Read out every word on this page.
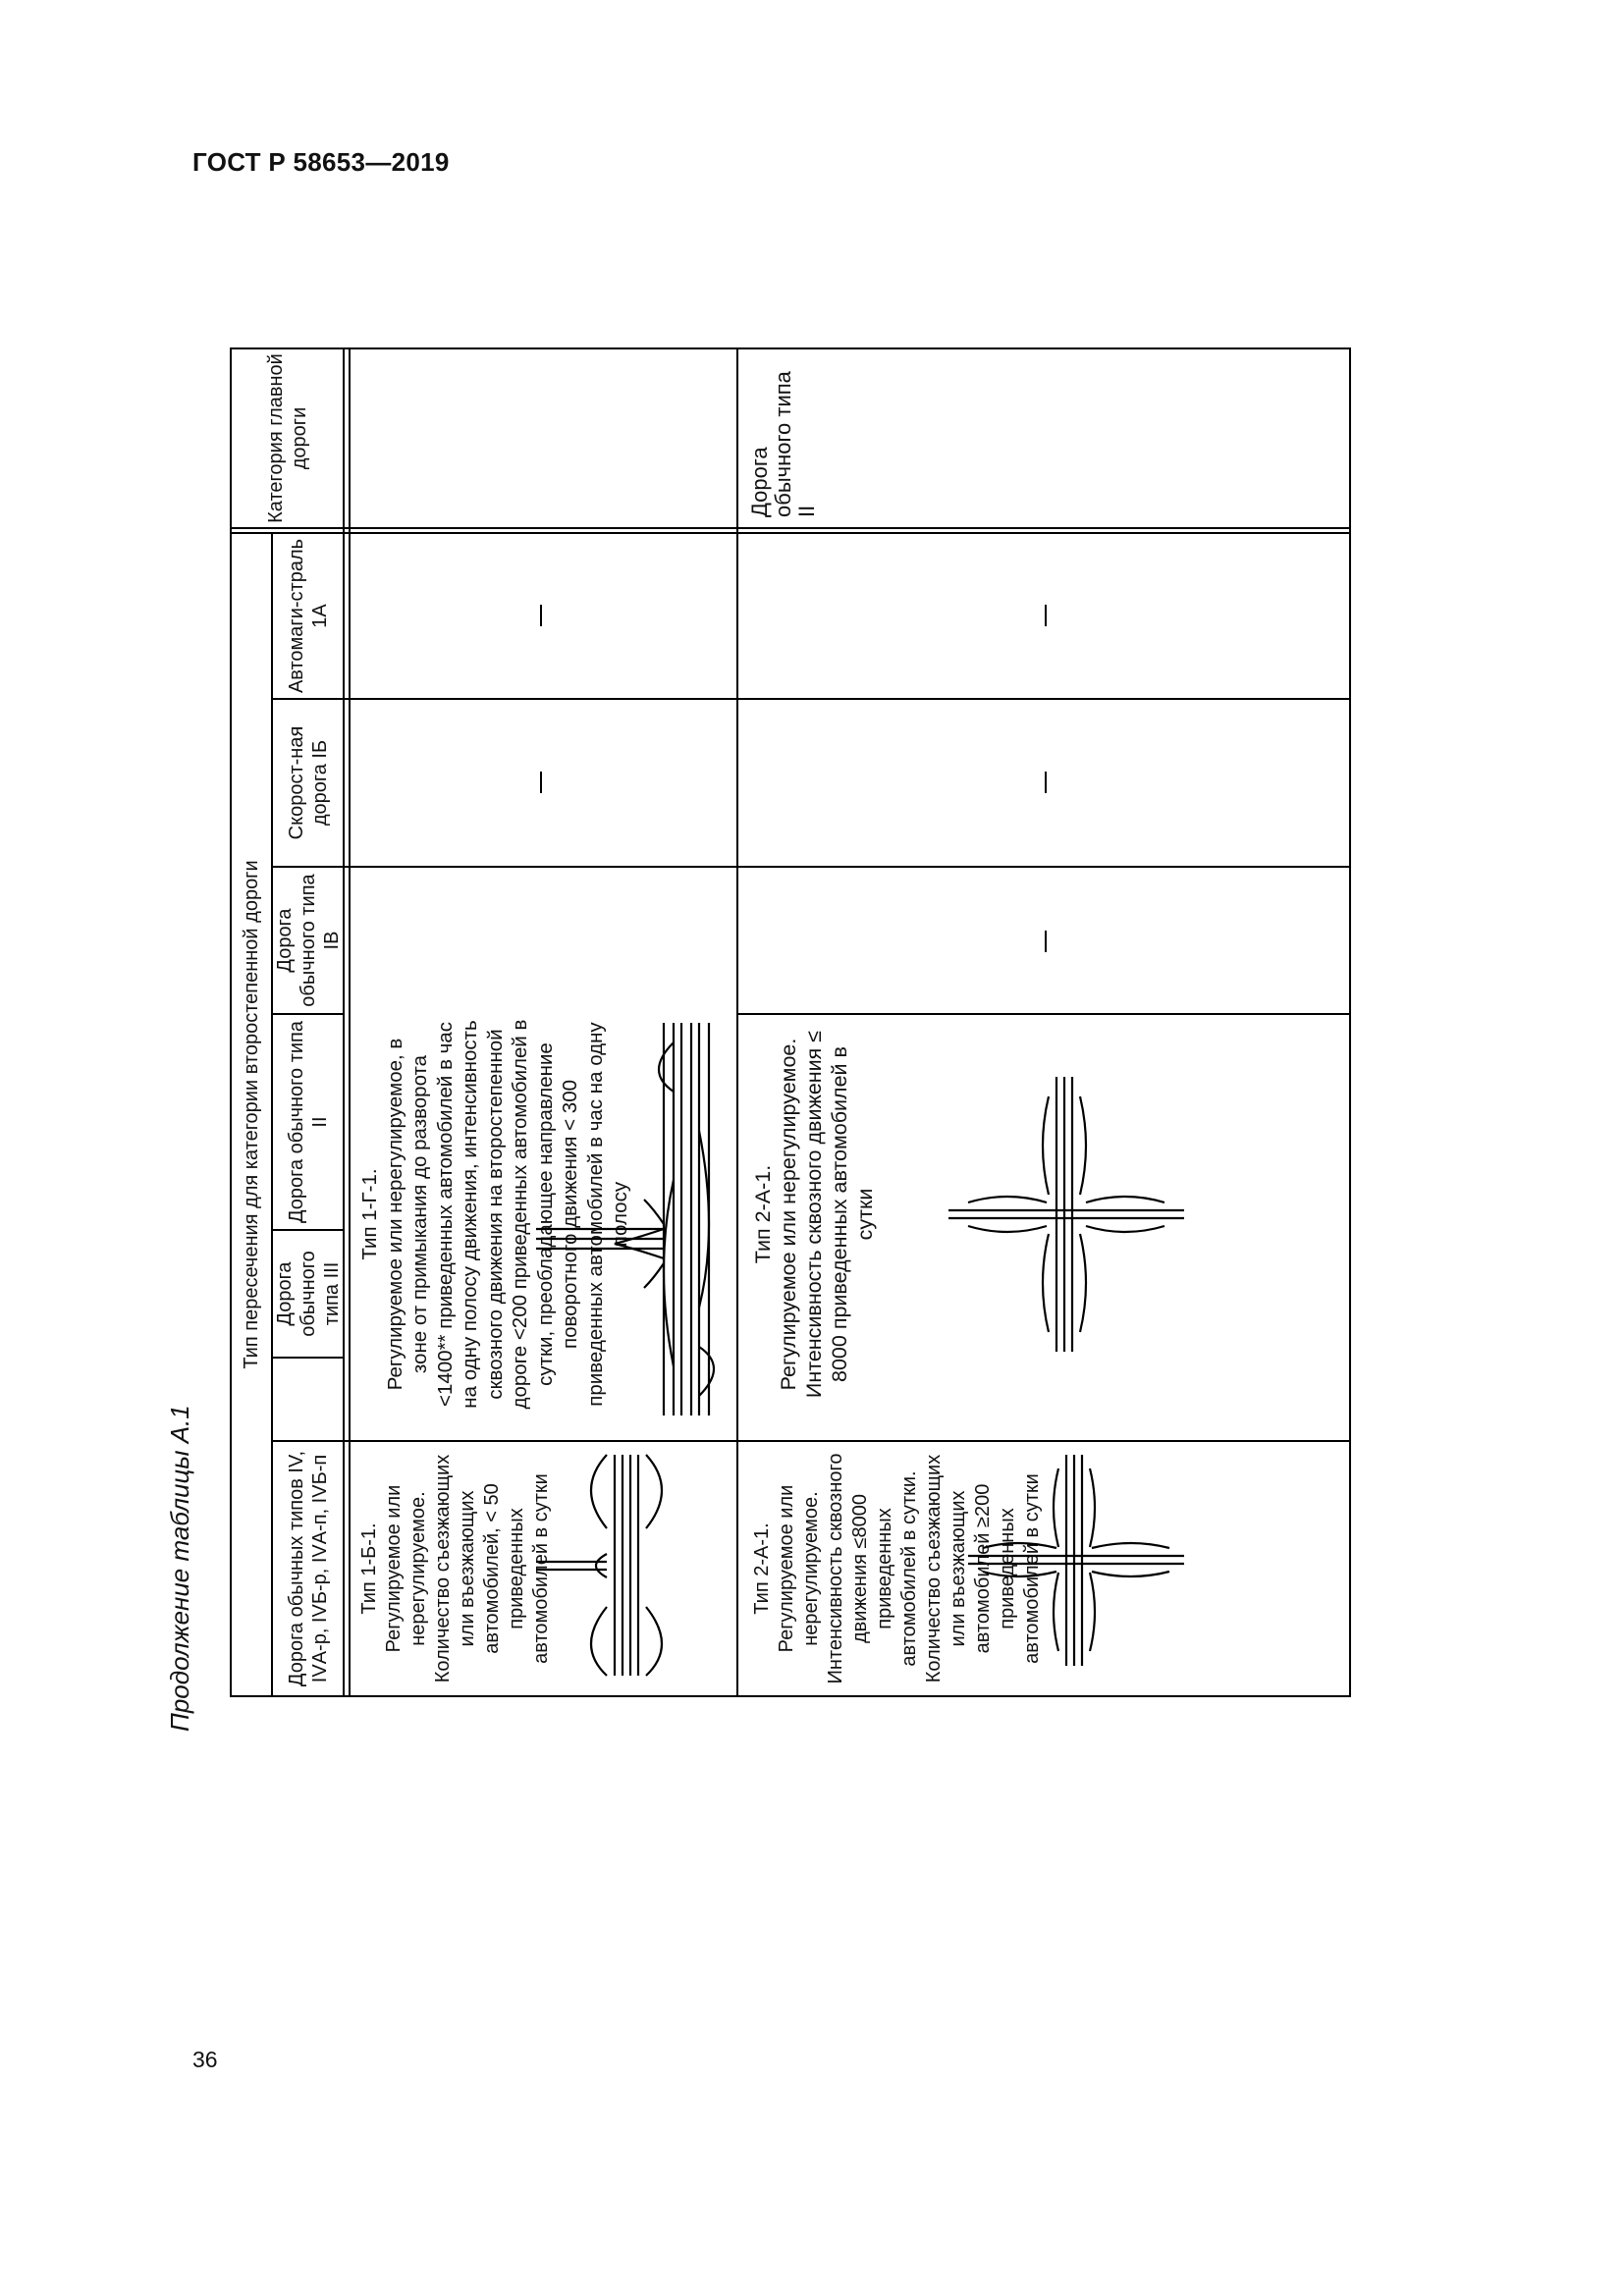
ГОСТ Р 58653—2019
36
Продолжение таблицы А.1
Категория главной дороги
Тип пересечения для категории второстепенной дороги
Автомаги-страль 1А
Скорост-ная дорога IБ
Дорога обычного типа IВ
Дорога обычного типа II
Дорога обычного типа III
Дорога обычных типов IV, IVА-р, IVБ-р, IVА-п, IVБ-п
Тип 1-Г-1. Регулируемое или нерегулируемое, в зоне от примыкания до разворота <1400** приведенных автомобилей в час на одну полосу движения, интенсивность сквозного движения на второстепенной дороге <200 приведенных автомобилей в сутки, преобладающее направление поворотного движения < 300 приведенных автомобилей в час на одну полосу
Тип 1-Б-1. Регулируемое или нерегулируемое. Количество съезжающих или въезжающих автомобилей, < 50 приведенных автомобилей в сутки
Дорога обычного типа II
Тип 2-А-1. Регулируемое или нерегулируемое. Интенсивность сквозного движения ≤ 8000 приведенных автомобилей в сутки
Тип 2-А-1. Регулируемое или нерегулируемое. Интенсивность сквозного движения ≤8000 приведенных автомобилей в сутки. Количество съезжающих или въезжающих автомобилей ≥200 приведенных автомобилей в сутки
